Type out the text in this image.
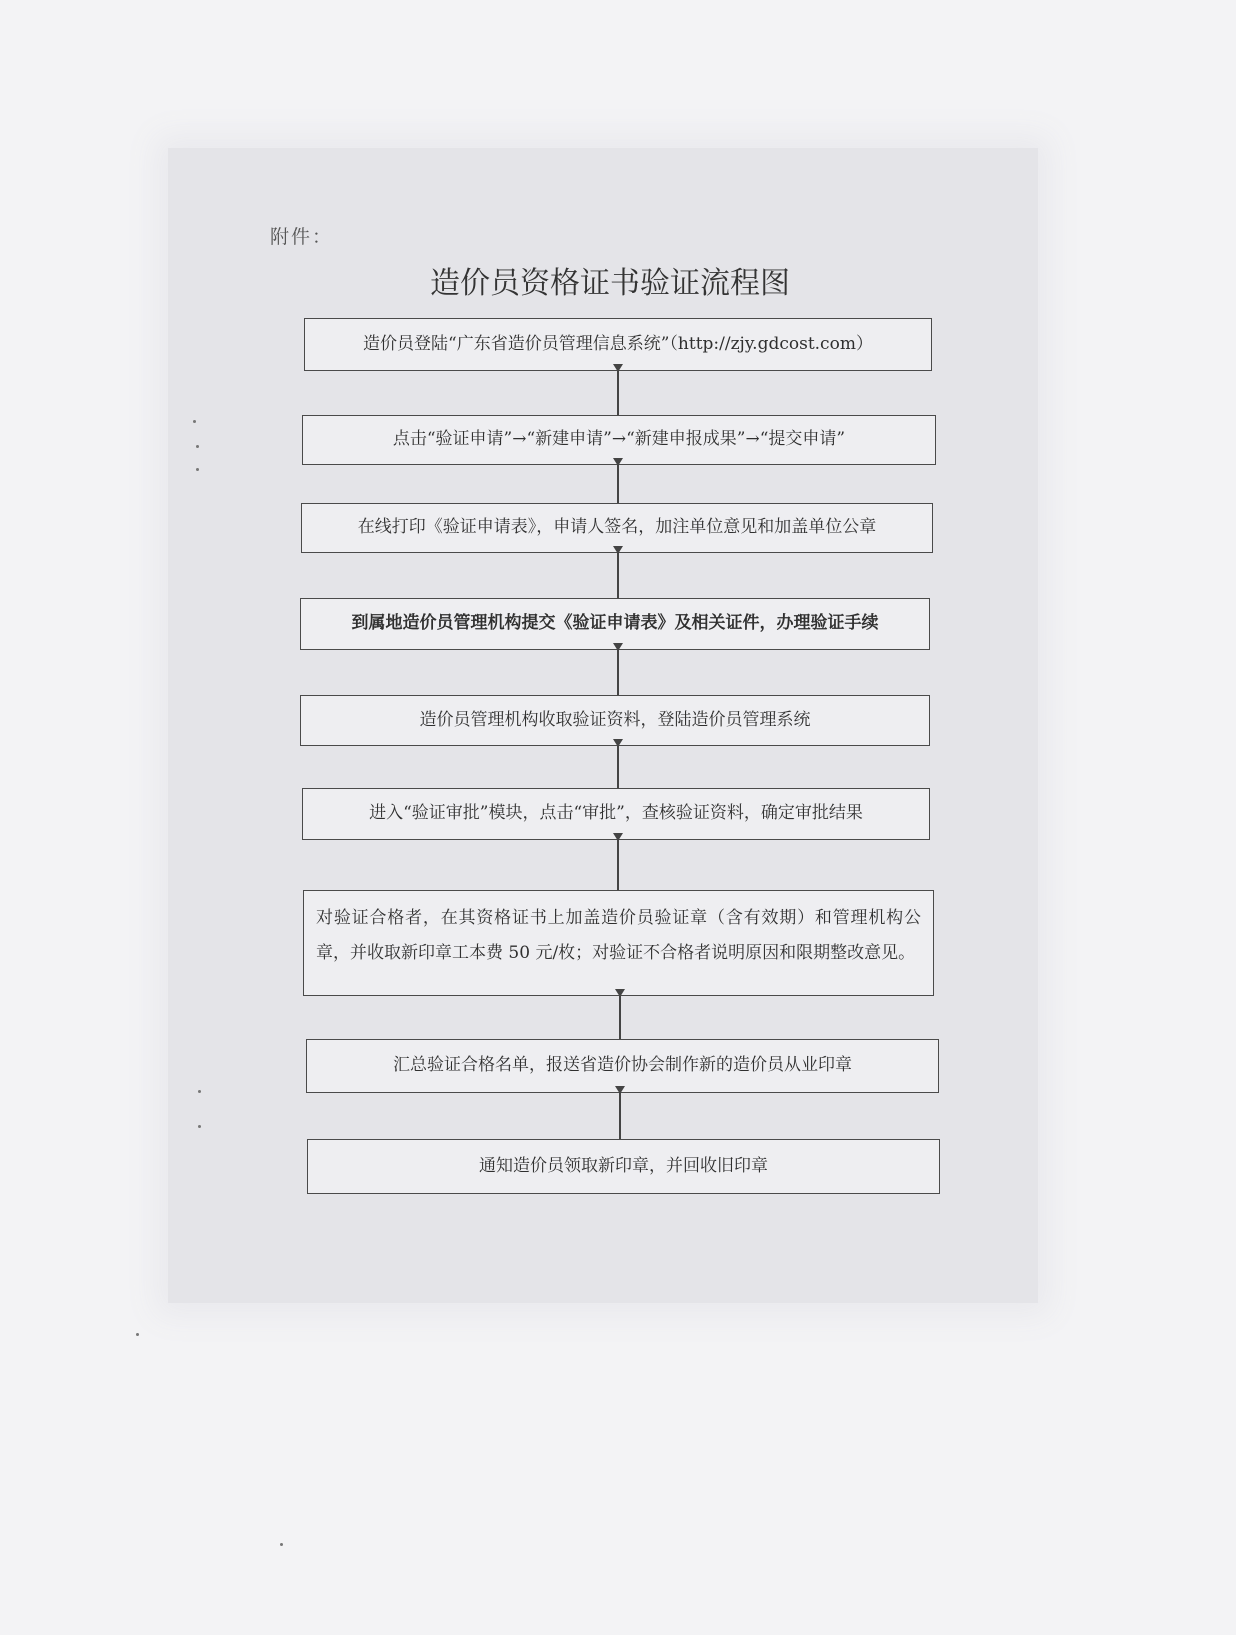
附件：
造价员资格证书验证流程图
造价员登陆“广东省造价员管理信息系统”（http://zjy.gdcost.com）
点击“验证申请”→“新建申请”→“新建申报成果”→“提交申请”
在线打印《验证申请表》，申请人签名，加注单位意见和加盖单位公章
到属地造价员管理机构提交《验证申请表》及相关证件，办理验证手续
造价员管理机构收取验证资料，登陆造价员管理系统
进入“验证审批”模块，点击“审批”，查核验证资料，确定审批结果
对验证合格者，在其资格证书上加盖造价员验证章（含有效期）和管理机构公章，并收取新印章工本费 50 元/枚；对验证不合格者说明原因和限期整改意见。
汇总验证合格名单，报送省造价协会制作新的造价员从业印章
通知造价员领取新印章，并回收旧印章
